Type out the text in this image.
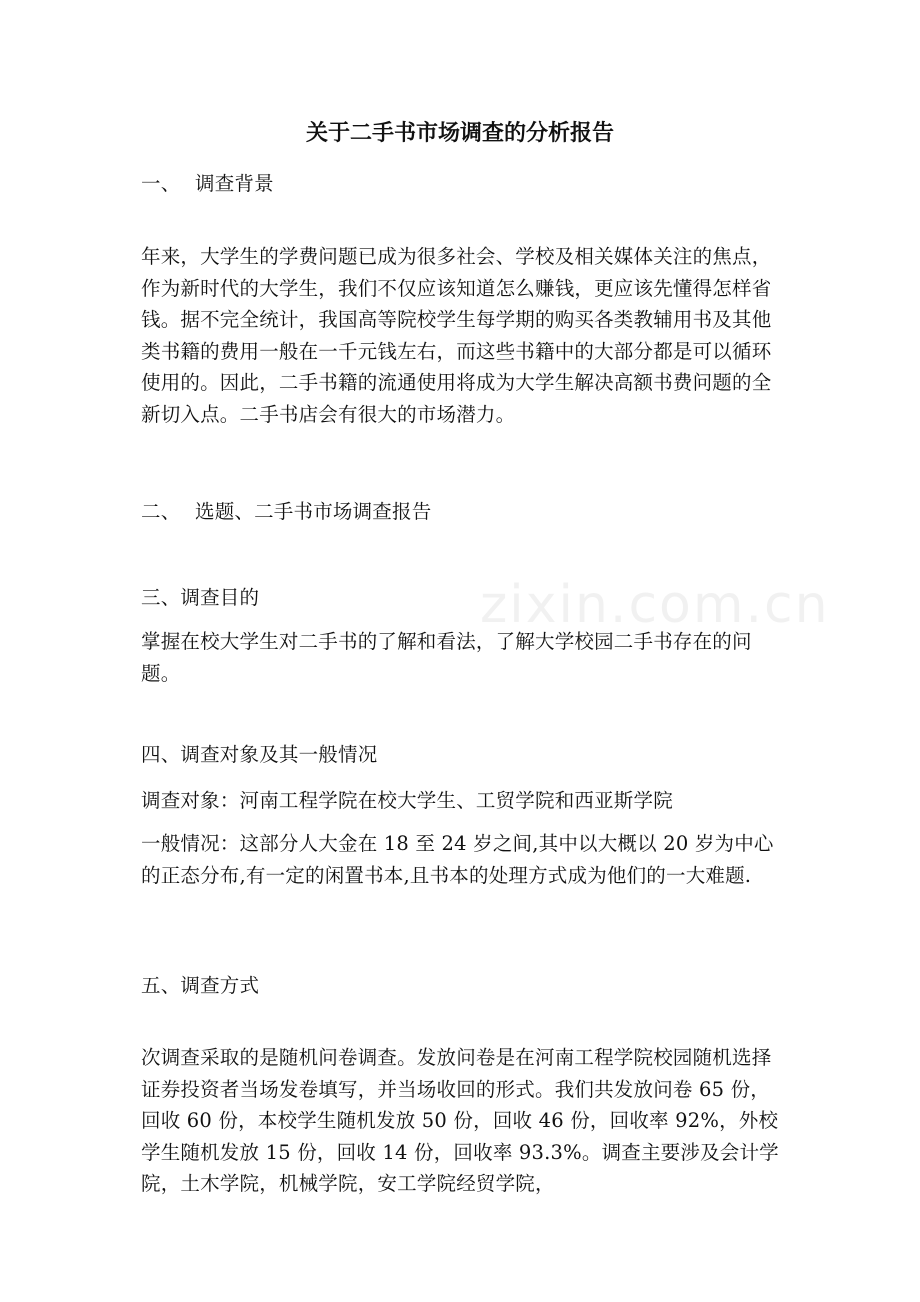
关于二手书市场调查的分析报告

一、 调查背景

年来，大学生的学费问题已成为很多社会、学校及相关媒体关注的焦点，作为新时代的大学生，我们不仅应该知道怎么赚钱，更应该先懂得怎样省钱。据不完全统计，我国高等院校学生每学期的购买各类教辅用书及其他类书籍的费用一般在一千元钱左右，而这些书籍中的大部分都是可以循环使用的。因此，二手书籍的流通使用将成为大学生解决高额书费问题的全新切入点。二手书店会有很大的市场潜力。

二、 选题、二手书市场调查报告

三、调查目的

掌握在校大学生对二手书的了解和看法，了解大学校园二手书存在的问题。

四、调查对象及其一般情况

调查对象：河南工程学院在校大学生、工贸学院和西亚斯学院

一般情况：这部分人大金在 18 至 24 岁之间,其中以大概以 20 岁为中心的正态分布,有一定的闲置书本,且书本的处理方式成为他们的一大难题.

五、调查方式

次调查采取的是随机问卷调查。发放问卷是在河南工程学院校园随机选择证券投资者当场发卷填写，并当场收回的形式。我们共发放问卷 65 份，回收 60 份，本校学生随机发放 50 份，回收 46 份，回收率 92%，外校学生随机发放 15 份，回收 14 份，回收率 93.3%。调查主要涉及会计学院，土木学院，机械学院，安工学院经贸学院，

zixin.com.cn
